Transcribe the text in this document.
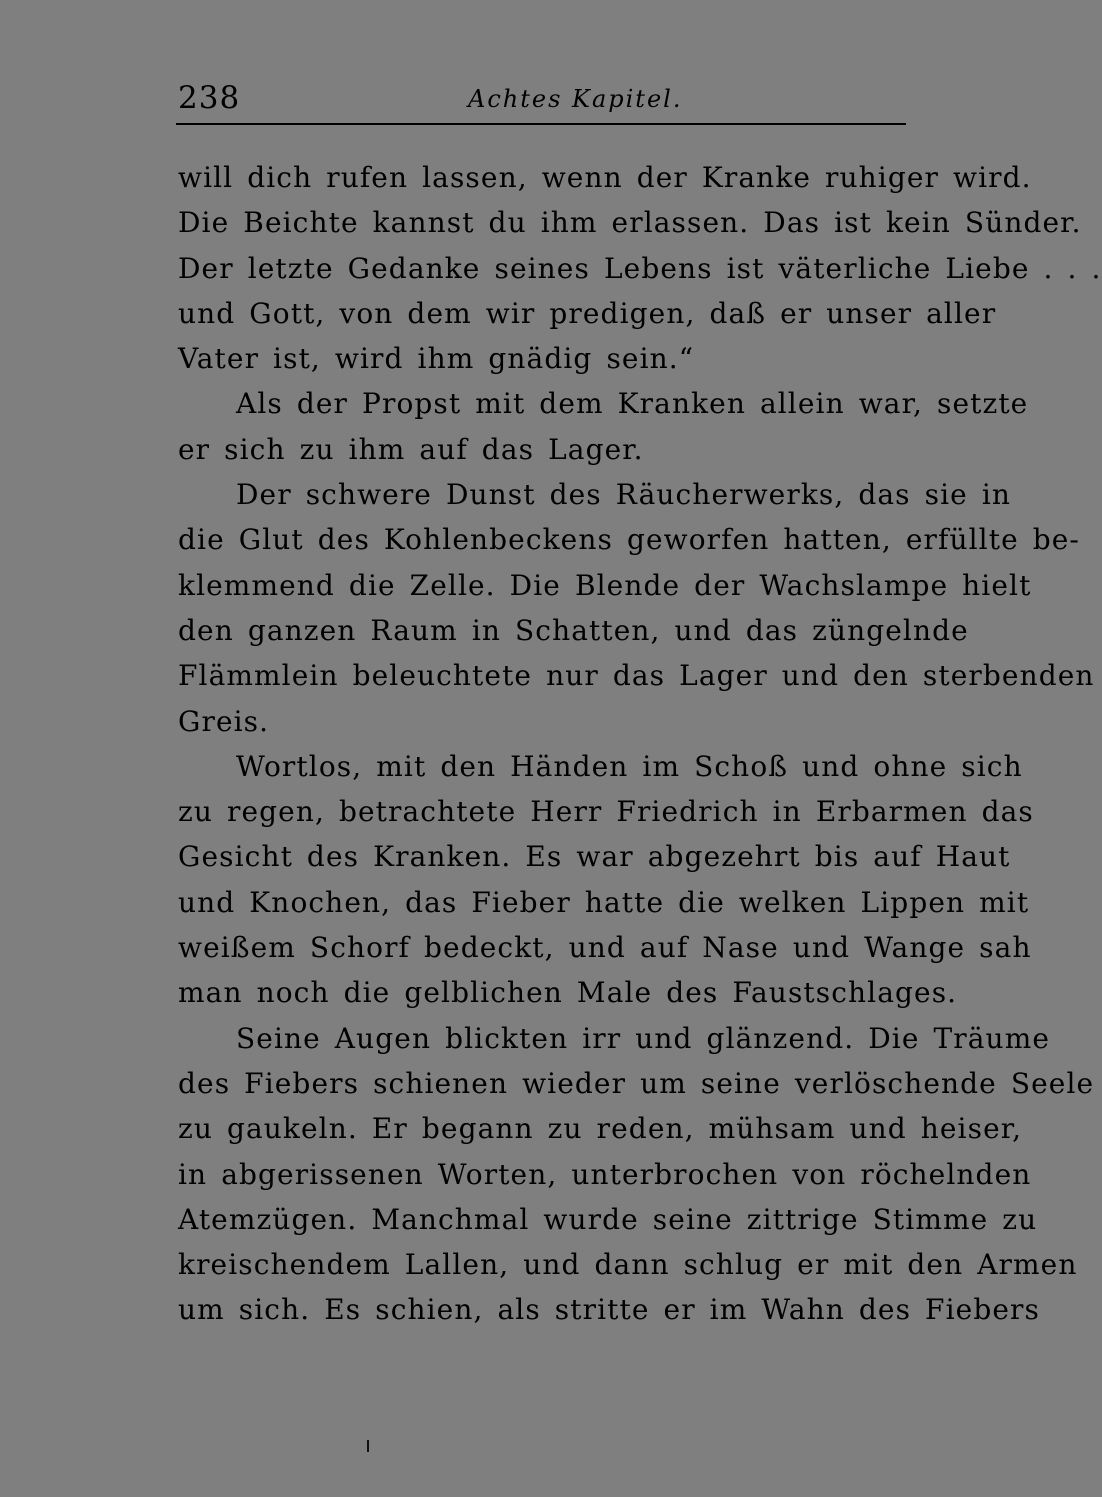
238	Achtes Kapitel.

will dich rufen lassen, wenn der Kranke ruhiger wird.
Die Beichte kannst du ihm erlassen. Das ist kein Sünder.
Der letzte Gedanke seines Lebens ist väterliche Liebe . . .
und Gott, von dem wir predigen, daß er unser aller
Vater ist, wird ihm gnädig sein.“

Als der Propst mit dem Kranken allein war, setzte
er sich zu ihm auf das Lager.

Der schwere Dunst des Räucherwerks, das sie in
die Glut des Kohlenbeckens geworfen hatten, erfüllte be-
klemmend die Zelle. Die Blende der Wachslampe hielt
den ganzen Raum in Schatten, und das züngelnde
Flämmlein beleuchtete nur das Lager und den sterbenden
Greis.

Wortlos, mit den Händen im Schoß und ohne sich
zu regen, betrachtete Herr Friedrich in Erbarmen das
Gesicht des Kranken. Es war abgezehrt bis auf Haut
und Knochen, das Fieber hatte die welken Lippen mit
weißem Schorf bedeckt, und auf Nase und Wange sah
man noch die gelblichen Male des Faustschlages.

Seine Augen blickten irr und glänzend. Die Träume
des Fiebers schienen wieder um seine verlöschende Seele
zu gaukeln. Er begann zu reden, mühsam und heiser,
in abgerissenen Worten, unterbrochen von röchelnden
Atemzügen. Manchmal wurde seine zittrige Stimme zu
kreischendem Lallen, und dann schlug er mit den Armen
um sich. Es schien, als stritte er im Wahn des Fiebers
